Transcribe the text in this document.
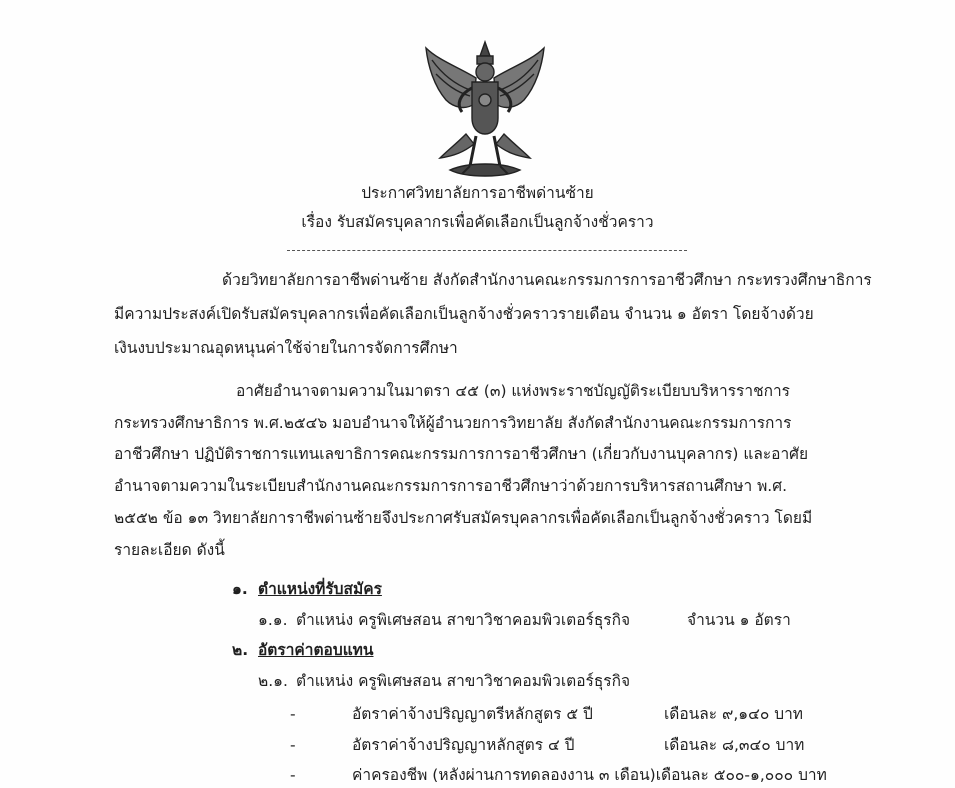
ประกาศวิทยาลัยการอาชีพด่านซ้าย
เรื่อง รับสมัครบุคลากรเพื่อคัดเลือกเป็นลูกจ้างชั่วคราว
ด้วยวิทยาลัยการอาชีพด่านซ้าย สังกัดสำนักงานคณะกรรมการการอาชีวศึกษา กระทรวงศึกษาธิการ
มีความประสงค์เปิดรับสมัครบุคลากรเพื่อคัดเลือกเป็นลูกจ้างชั่วคราวรายเดือน จำนวน ๑ อัตรา โดยจ้างด้วย
เงินงบประมาณอุดหนุนค่าใช้จ่ายในการจัดการศึกษา
อาศัยอำนาจตามความในมาตรา ๔๕ (๓) แห่งพระราชบัญญัติระเบียบบริหารราชการ
กระทรวงศึกษาธิการ พ.ศ.๒๕๔๖ มอบอำนาจให้ผู้อำนวยการวิทยาลัย สังกัดสำนักงานคณะกรรมการการ
อาชีวศึกษา ปฏิบัติราชการแทนเลขาธิการคณะกรรมการการอาชีวศึกษา (เกี่ยวกับงานบุคลากร) และอาศัย
อำนาจตามความในระเบียบสำนักงานคณะกรรมการการอาชีวศึกษาว่าด้วยการบริหารสถานศึกษา พ.ศ.
๒๕๕๒ ข้อ ๑๓ วิทยาลัยการาชีพด่านซ้ายจึงประกาศรับสมัครบุคลากรเพื่อคัดเลือกเป็นลูกจ้างชั่วคราว โดยมี
รายละเอียด ดังนี้
๑. ตำแหน่งที่รับสมัคร
๑.๑. ตำแหน่ง ครูพิเศษสอน สาขาวิชาคอมพิวเตอร์ธุรกิจ	จำนวน ๑ อัตรา
๒. อัตราค่าตอบแทน
๒.๑. ตำแหน่ง ครูพิเศษสอน สาขาวิชาคอมพิวเตอร์ธุรกิจ
-	อัตราค่าจ้างปริญญาตรีหลักสูตร ๕ ปี	เดือนละ ๙,๑๔๐ บาท
-	อัตราค่าจ้างปริญญาหลักสูตร ๔ ปี	เดือนละ ๘,๓๔๐ บาท
-	ค่าครองชีพ (หลังผ่านการทดลองงาน ๓ เดือน)เดือนละ ๕๐๐-๑,๐๐๐ บาท
